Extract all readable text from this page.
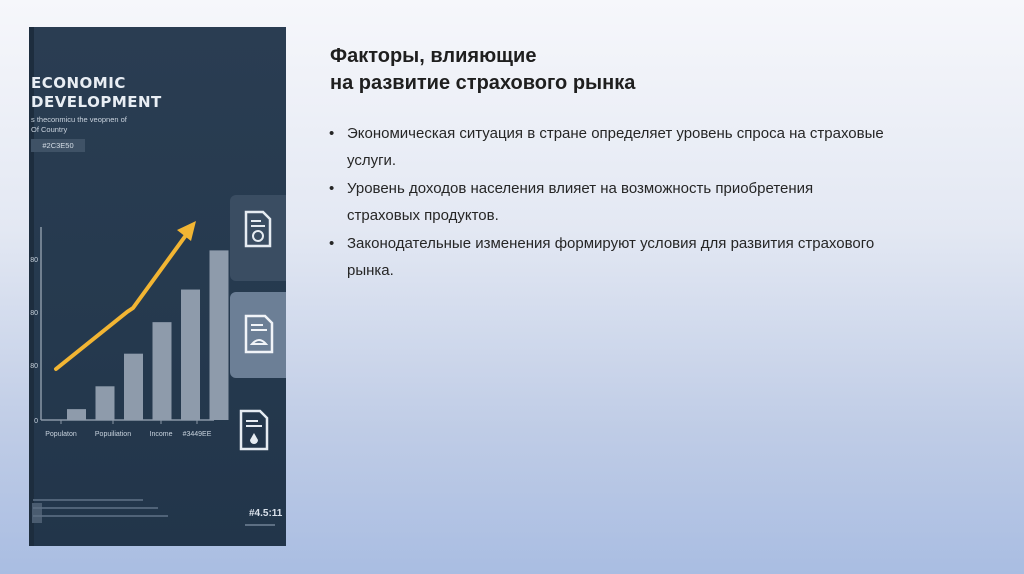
ECONOMIC
DEVELOPMENT

s theconmicu the veopnen of
Of Country

#2C3E50
0
80
80
80
Populaton	Popuiliation	Income #3449EE
#4.5:11
Факторы, влияющие
на развитие страхового рынка
• Экономическая ситуация в стране определяет уровень спроса на страховые услуги.
• Уровень доходов населения влияет на возможность приобретения страховых продуктов.
• Законодательные изменения формируют условия для развития страхового рынка.
